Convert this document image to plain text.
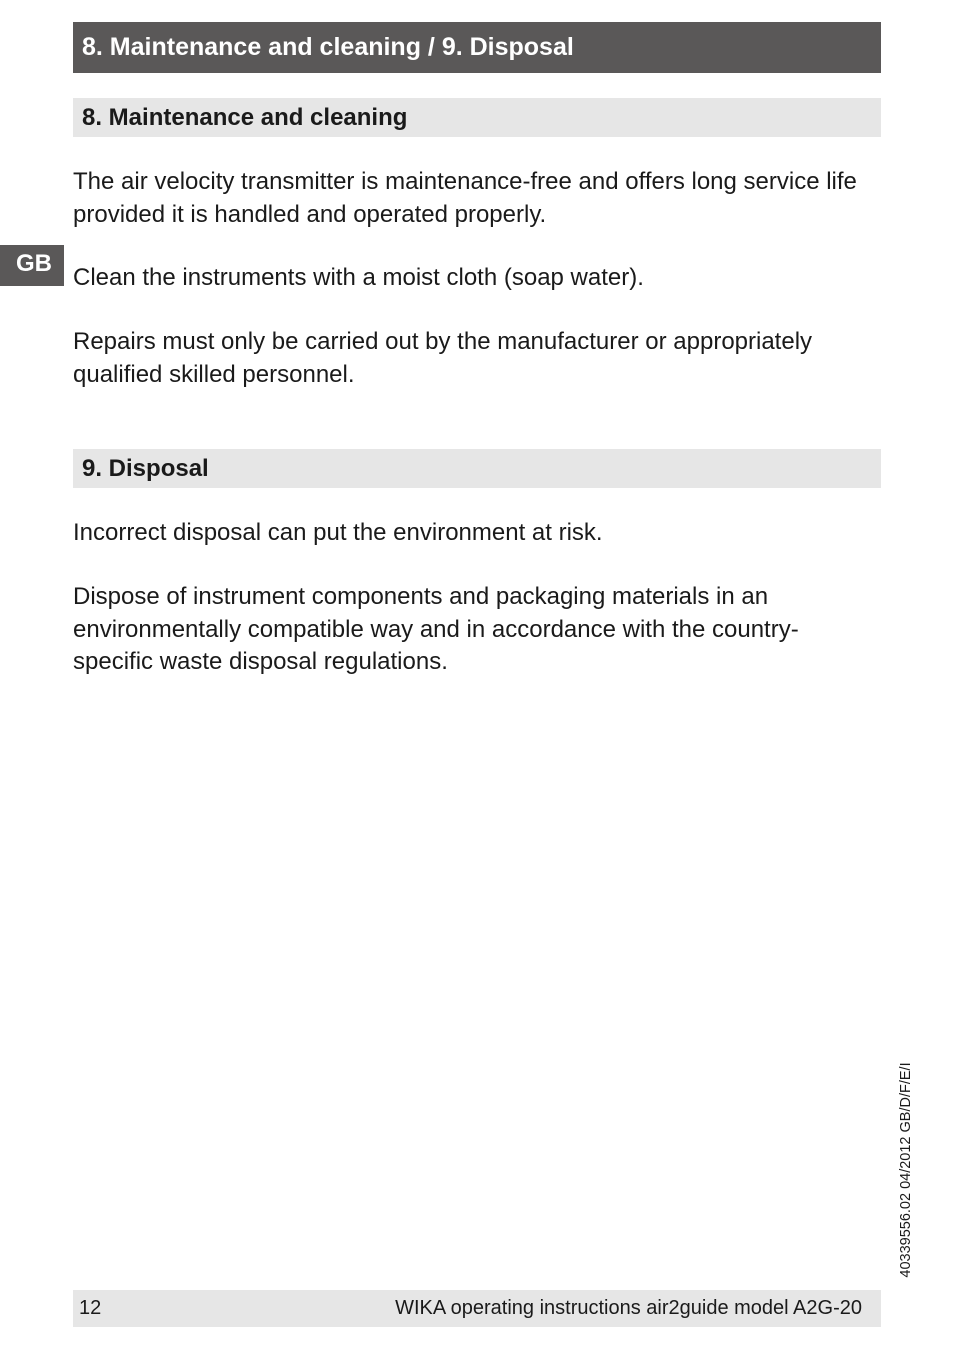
8. Maintenance and cleaning / 9. Disposal
GB
8. Maintenance and cleaning

The air velocity transmitter is maintenance-free and offers long service life provided it is handled and operated properly.

Clean the instruments with a moist cloth (soap water).

Repairs must only be carried out by the manufacturer or appropriately qualified skilled personnel.

9. Disposal

Incorrect disposal can put the environment at risk.

Dispose of instrument components and packaging materials in an environmentally compatible way and in accordance with the country-specific waste disposal regulations.

40339556.02 04/2012 GB/D/F/E/I
12	WIKA operating instructions air2guide model A2G-20
